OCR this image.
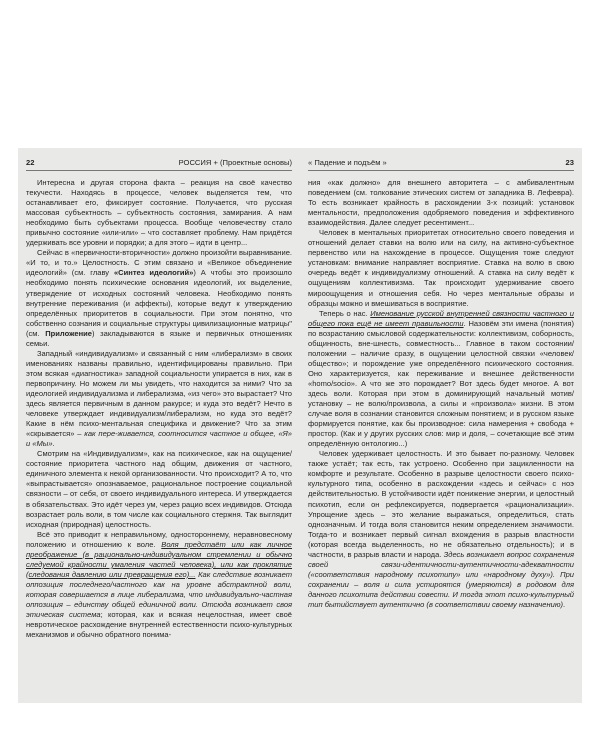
22	РОССИЯ + (Проектные основы)

Интересна и другая сторона факта – реакция на своё качество текучести. Находясь в процессе, человек выделяется тем, что останавливает его, фиксирует состояние. Получается, что русская массовая субъектность – субъектность состояния, замирания. А нам необходимо быть субъектами процесса. Вообще человечеству стало привычно состояние «или-или» – что составляет проблему. Нам придётся удерживать все уровни и порядки; а для этого – идти в центр...

Сейчас в «первичности-вторичности» должно произойти выравнивание. «И то, и то.» Целостность. С этим связано и «Великое объединение идеологий» (см. главу «Синтез идеологий») А чтобы это произошло необходимо понять психические основания идеологий, их выделение, утверждение от исходных состояний человека. Необходимо понять внутренние переживания (и аффекты), которые ведут к утверждению определённых приоритетов в социальности. При этом понятно, что собственно сознания и социальные структуры цивилизационные матрицы" (см. Приложение) закладываются в языке и первичных отношениях семьи.

Западный «индивидуализм» и связанный с ним «либерализм» в своих именованиях названы правильно, идентифицированы правильно. При этом всякая «диагностика» западной социальности упирается в них, как в первопричину. Но можем ли мы увидеть, что находится за ними? Что за идеологией индивидуализма и либерализма, «из чего» это вырастает? Что здесь является первичным в данном ракурсе; и куда это ведёт? Нечто в человеке утверждает индивидуализм/либерализм, но куда это ведёт? Какие в нём психо-ментальная специфика и движение? Что за этим «скрывается» – как пере-живается, соотносится частное и общее, «Я» и «Мы».

Смотрим на «Индивидуализм», как на психическое, как на ощущение/состояние приоритета частного над общим, движения от частного, единичного элемента к некой организованности. Что происходит? А то, что «выпрастывается» опознаваемое, рациональное построение социальной связности – от себя, от своего индивидуального интереса. И утверждается в обязательствах. Это идёт через ум, через рацио всех индивидов. Отсюда возрастает роль воли, в том числе как социального стержня. Так выглядит исходная (природная) целостность.

Всё это приводит к неправильному, одностороннему, неравновесному положению и отношению к воле. Воля предстаёт или как личное преображение (в рационально-индивидуальном стремлении и обычно следуемой крайности умаления частей человека), или как проклятие (следования давлению или превращения его)... Как следствие возникает оппозиция последнего/частного как на уровне абстрактной воли, которая совершается в лице либерализма, что индивидуально-частная оппозиция – единству общей единичной воли. Отсюда возникает своя этическая система; которая, как и всякая нецелостная, имеет своё невротическое расхождение внутренней естественности психо-культурных механизмов и обычно обратного понима-

« Падение и подъём »	23

ния «как должно» для внешнего авторитета – с амбивалентным поведением (см. толкование этических систем от западника В. Лефевра). То есть возникает крайность в расхождении 3-х позиций: установок ментальности, предположения одобряемого поведения и эффективного взаимодействия. Далее следует ресентимент...

Человек в ментальных приоритетах относительно своего поведения и отношений делает ставки на волю или на силу, на активно-субъектное первенство или на нахождение в процессе. Ощущения тоже следуют установкам: внимание направляет восприятие. Ставка на волю в свою очередь ведёт к индивидуализму отношений. А ставка на силу ведёт к ощущениям коллективизма. Так происходит удерживание своего мироощущения и отношения себя. Но через ментальные образы и образцы можно и вмешиваться в восприятие.

Теперь о нас. Именование русской внутренней связности частного и общего пока ещё не имеет правильности. Назовём эти имена (понятия) по возрастанию смысловой содержательности: коллективизм, соборность, общинность, вне-шнесть, совместность... Главное в таком состоянии/положении – наличие сразу, в ощущении целостной связки «человек/общество»; и порождение уже определённого психического состояния. Оно характеризуется, как переживание и внешнее действенности «homo/socio». А что же это порождает? Вот здесь будет многое. А вот здесь воли. Которая при этом в доминирующий начальный мотив/установку – не волю/произвола, а силы и «произвола» жизни. В этом случае воля в сознании становится сложным понятием; и в русском языке формируется понятие, как бы производное: сила намерения + свобода + простор. (Как и у других русских слов: мир и доля, – сочетающие всё этим определённую онтологию...)

Человек удерживает целостность. И это бывает по-разному. Человек также устаёт; так есть, так устроено. Особенно при зацикленности на комфорте и результате. Особенно в разрыве целостности своего психо-культурного типа, особенно в расхождении «здесь и сейчас» с ноэ действительностью. В устойчивости идёт понижение энергии, и целостный психотип, если он рефлексируется, подвергается «рационализации». Упрощение здесь – это желание выражаться, определиться, стать однозначным. И тогда воля становится неким определением значимости. Тогда-то и возникает первый сигнал вхождения в разрыв властности (которая всегда выделенность, но не обязательно отдельность); и в частности, в разрыв власти и народа. Здесь возникает вопрос сохранения своей связи-идентичности-аутентичности-адекватности («соответствия народному психотипу» или «народному духу»). При сохранении – воля и сила устироятся (умеряются) в родовом для данного психотипа действии совести. И тогда этот психо-культурный тип бытийствует аутентично (в соответствии своему назначению).
